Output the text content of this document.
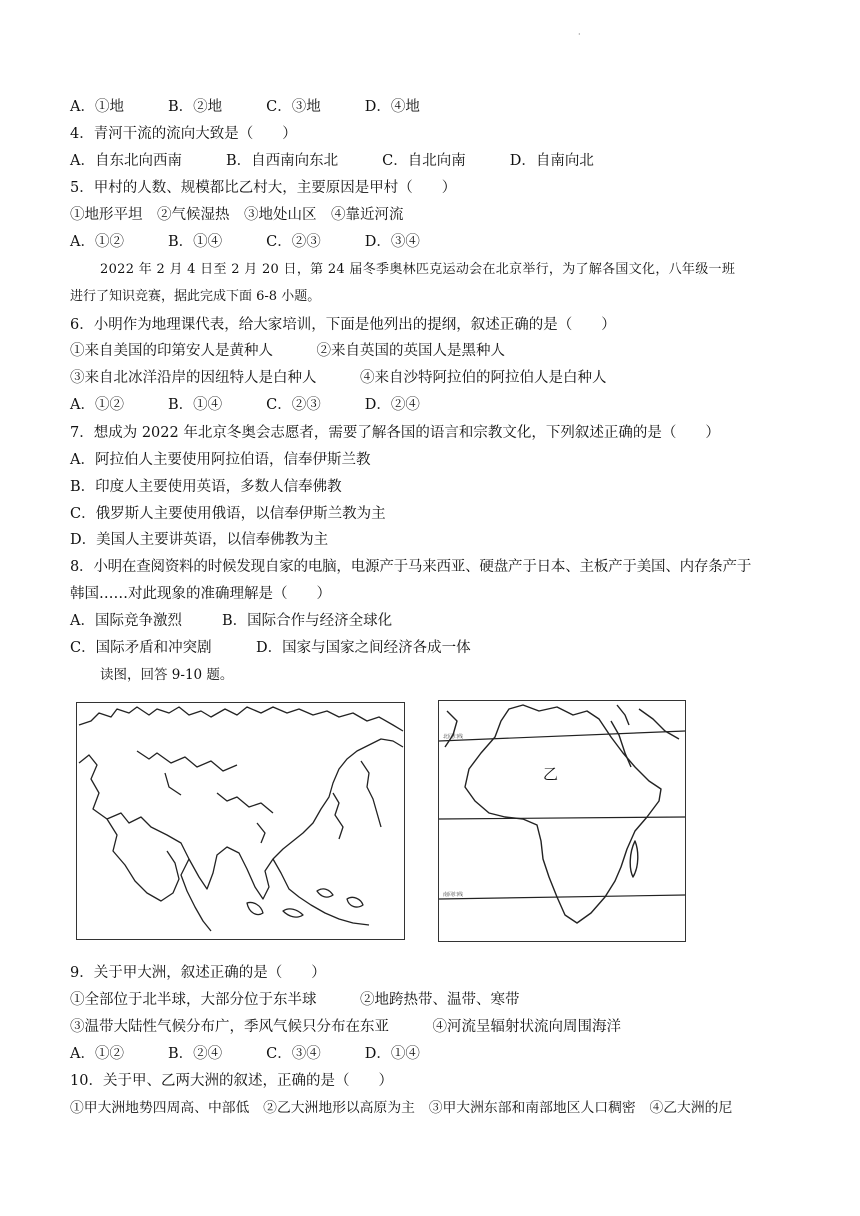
·
A．①地	B．②地	C．③地	D．④地
4．青河干流的流向大致是（　　）
A．自东北向西南	B．自西南向东北	C．自北向南	D．自南向北
5．甲村的人数、规模都比乙村大，主要原因是甲村（　　）
①地形平坦　②气候湿热　③地处山区　④靠近河流
A．①②	B．①④	C．②③	D．③④
2022 年 2 月 4 日至 2 月 20 日，第 24 届冬季奥林匹克运动会在北京举行，为了解各国文化，八年级一班
进行了知识竞赛，据此完成下面 6-8 小题。
6．小明作为地理课代表，给大家培训，下面是他列出的提纲，叙述正确的是（　　）
①来自美国的印第安人是黄种人　　　②来自英国的英国人是黑种人
③来自北冰洋沿岸的因纽特人是白种人　　　④来自沙特阿拉伯的阿拉伯人是白种人
A．①②	B．①④	C．②③	D．②④
7．想成为 2022 年北京冬奥会志愿者，需要了解各国的语言和宗教文化，下列叙述正确的是（　　）
A．阿拉伯人主要使用阿拉伯语，信奉伊斯兰教
B．印度人主要使用英语，多数人信奉佛教
C．俄罗斯人主要使用俄语，以信奉伊斯兰教为主
D．美国人主要讲英语，以信奉佛教为主
8．小明在查阅资料的时候发现自家的电脑，电源产于马来西亚、硬盘产于日本、主板产于美国、内存条产于
韩国……对此现象的准确理解是（　　）
A．国际竞争激烈	B．国际合作与经济全球化
C．国际矛盾和冲突剧	D．国家与国家之间经济各成一体
读图，回答 9-10 题。
乙
北回归线
南回归线
9．关于甲大洲，叙述正确的是（　　）
①全部位于北半球，大部分位于东半球　　　②地跨热带、温带、寒带
③温带大陆性气候分布广，季风气候只分布在东亚　　　④河流呈辐射状流向周围海洋
A．①②	B．②④	C．③④	D．①④
10．关于甲、乙两大洲的叙述，正确的是（　　）
①甲大洲地势四周高、中部低　②乙大洲地形以高原为主　③甲大洲东部和南部地区人口稠密　④乙大洲的尼
